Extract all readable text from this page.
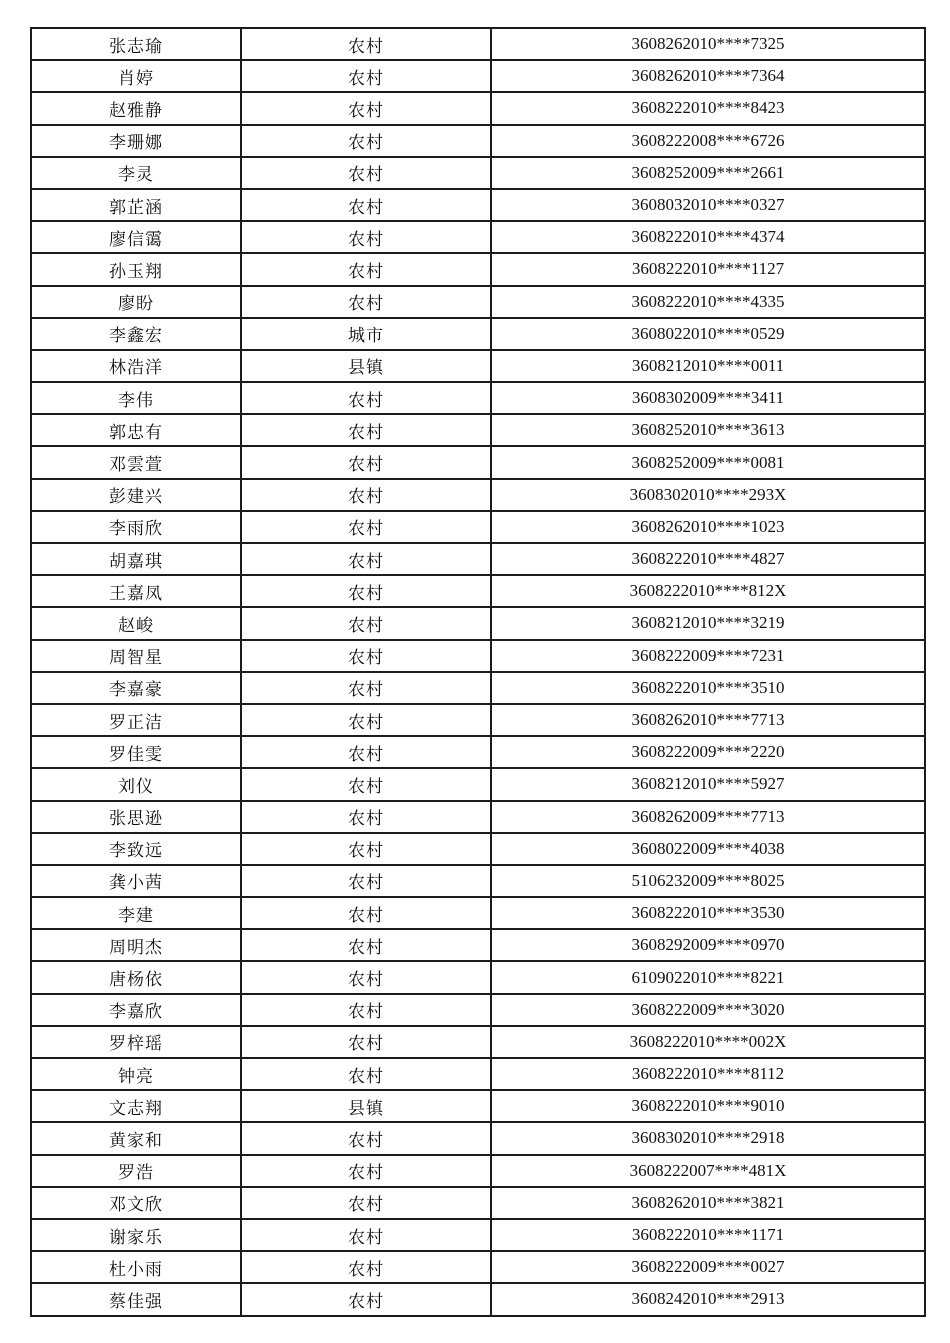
张志瑜	农村	3608262010****7325
肖婷	农村	3608262010****7364
赵雅静	农村	3608222010****8423
李珊娜	农村	3608222008****6726
李灵	农村	3608252009****2661
郭芷涵	农村	3608032010****0327
廖信霭	农村	3608222010****4374
孙玉翔	农村	3608222010****1127
廖盼	农村	3608222010****4335
李鑫宏	城市	3608022010****0529
林浩洋	县镇	3608212010****0011
李伟	农村	3608302009****3411
郭忠有	农村	3608252010****3613
邓雲萱	农村	3608252009****0081
彭建兴	农村	3608302010****293X
李雨欣	农村	3608262010****1023
胡嘉琪	农村	3608222010****4827
王嘉凤	农村	3608222010****812X
赵峻	农村	3608212010****3219
周智星	农村	3608222009****7231
李嘉豪	农村	3608222010****3510
罗正洁	农村	3608262010****7713
罗佳雯	农村	3608222009****2220
刘仪	农村	3608212010****5927
张思逊	农村	3608262009****7713
李致远	农村	3608022009****4038
龚小茜	农村	5106232009****8025
李建	农村	3608222010****3530
周明杰	农村	3608292009****0970
唐杨依	农村	6109022010****8221
李嘉欣	农村	3608222009****3020
罗梓瑶	农村	3608222010****002X
钟亮	农村	3608222010****8112
文志翔	县镇	3608222010****9010
黄家和	农村	3608302010****2918
罗浩	农村	3608222007****481X
邓文欣	农村	3608262010****3821
谢家乐	农村	3608222010****1171
杜小雨	农村	3608222009****0027
蔡佳强	农村	3608242010****2913
